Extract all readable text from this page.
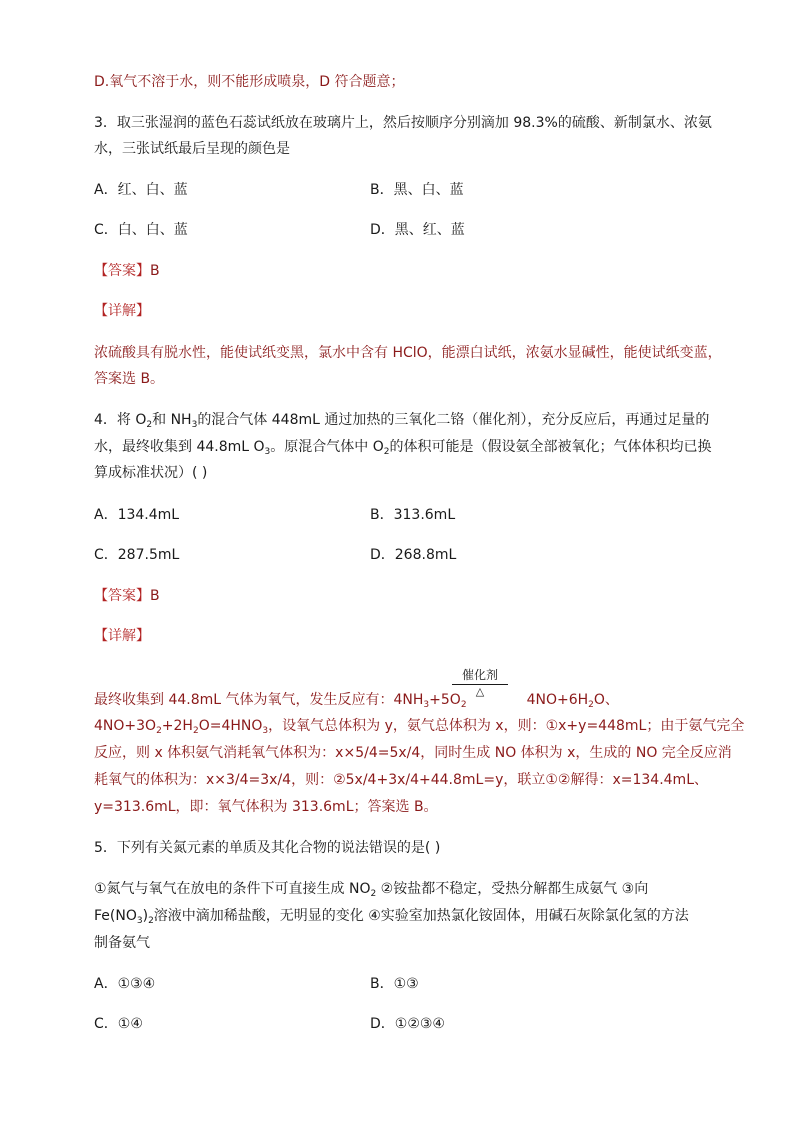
D.氧气不溶于水，则不能形成喷泉，D 符合题意；
3．取三张湿润的蓝色石蕊试纸放在玻璃片上，然后按顺序分别滴加 98.3%的硫酸、新制氯水、浓氨
水，三张试纸最后呈现的颜色是
A．红、白、蓝	B．黑、白、蓝
C．白、白、蓝	D．黑、红、蓝
【答案】B
【详解】
浓硫酸具有脱水性，能使试纸变黑，氯水中含有 HClO，能漂白试纸，浓氨水显碱性，能使试纸变蓝，
答案选 B。
4．将 $O_2$和 $NH_3$的混合气体 448mL 通过加热的三氧化二铬（催化剂），充分反应后，再通过足量的
水，最终收集到 44.8mL $O_3$。原混合气体中 $O_2$的体积可能是（假设氨全部被氧化；气体体积均已换
算成标准状况）( )
A．134.4mL	B．313.6mL
C．287.5mL	D．268.8mL
【答案】B
【详解】
催化剂
△
最终收集到 44.8mL 气体为氧气，发生反应有：$4NH_3+5O_2$	$4NO+6H_2O$、
$4NO+3O_2+2H_2O=4HNO_3$，设氧气总体积为 y，氨气总体积为 x，则：①x+y=448mL；由于氨气完全
反应，则 x 体积氨气消耗氧气体积为：x×5/4=5x/4，同时生成 NO 体积为 x，生成的 NO 完全反应消
耗氧气的体积为：x×3/4=3x/4，则：②5x/4+3x/4+44.8mL=y，联立①②解得：x=134.4mL、
y=313.6mL，即：氧气体积为 313.6mL；答案选 B。
5．下列有关氮元素的单质及其化合物的说法错误的是( )
①氮气与氧气在放电的条件下可直接生成 $NO_2$ ②铵盐都不稳定，受热分解都生成氨气 ③向
$Fe(NO_3)_2$溶液中滴加稀盐酸，无明显的变化 ④实验室加热氯化铵固体，用碱石灰除氯化氢的方法
制备氨气
A．①③④	B．①③
C．①④	D．①②③④
